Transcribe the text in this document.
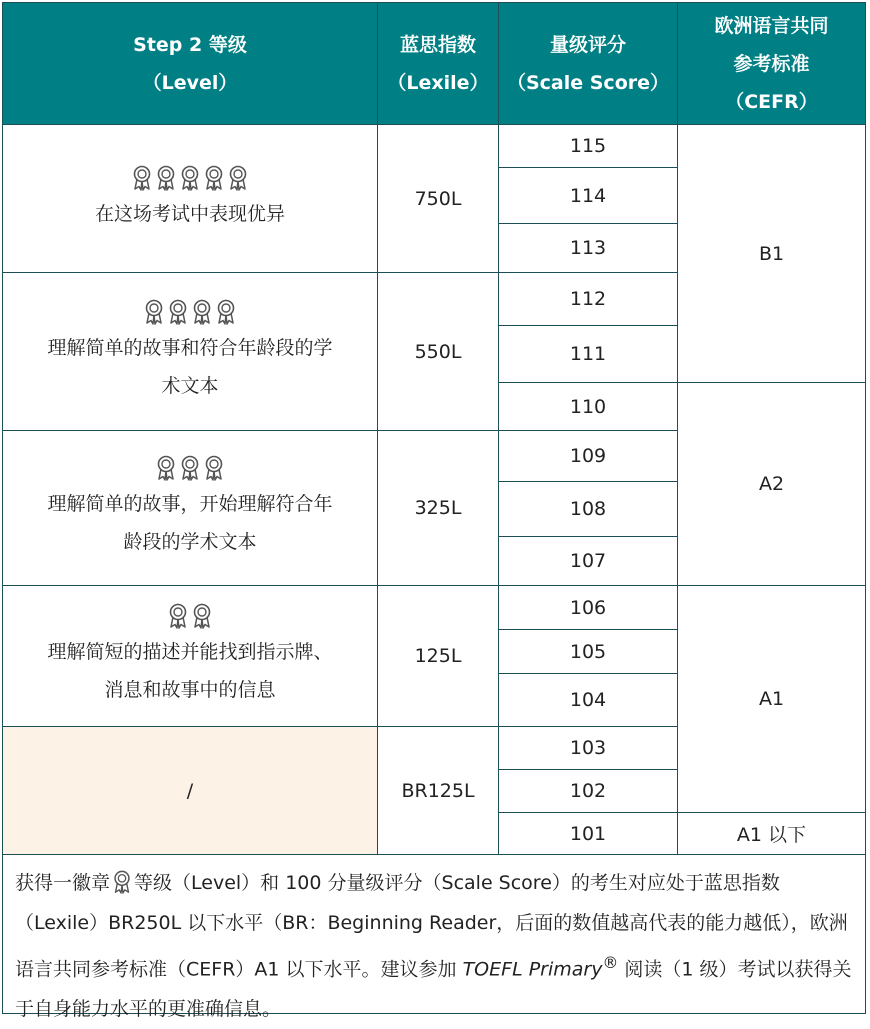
Step 2 等级
（Level）
蓝思指数
（Lexile）
量级评分
（Scale Score）
欧洲语言共同
参考标准
（CEFR）
在这场考试中表现优异
理解简单的故事和符合年龄段的学
术文本
理解简单的故事，开始理解符合年
龄段的学术文本
理解简短的描述并能找到指示牌、
消息和故事中的信息
/
750L
550L
325L
125L
BR125L
115
114
113
112
111
110
109
108
107
106
105
104
103
102
101
B1
A2
A1
A1 以下
获得一徽章 等级（Level）和 100 分量级评分（Scale Score）的考生对应处于蓝思指数（Lexile）BR250L 以下水平（BR：Beginning Reader，后面的数值越高代表的能力越低），欧洲语言共同参考标准（CEFR）A1 以下水平。建议参加 TOEFL Primary® 阅读（1 级）考试以获得关于自身能力水平的更准确信息。
